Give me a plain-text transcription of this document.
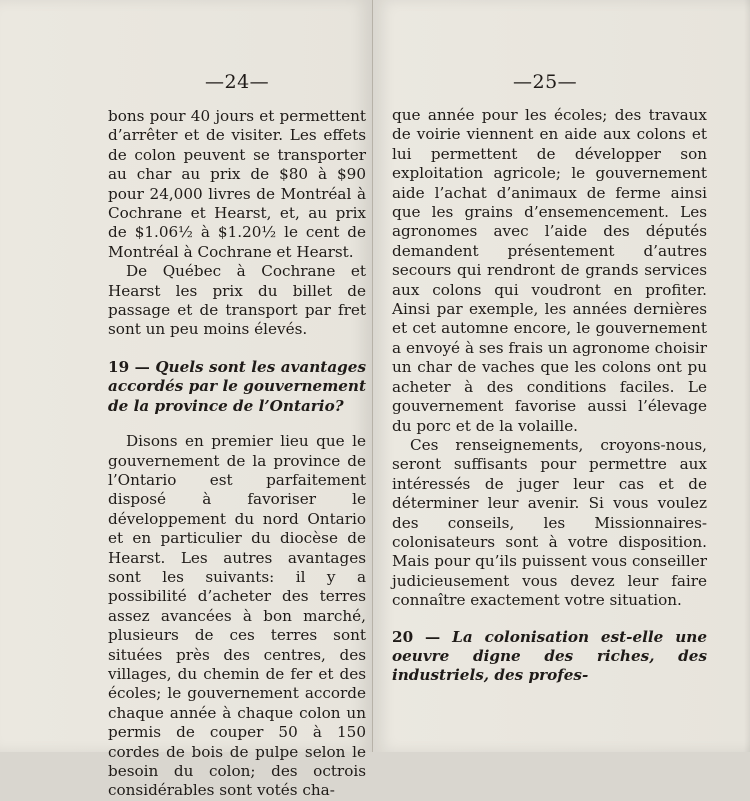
—24—

bons pour 40 jours et permettent d’arrêter et de visiter. Les effets de colon peuvent se transporter au char au prix de $80 à $90 pour 24,000 livres de Montréal à Cochrane et Hearst, et, au prix de $1.06½ à $1.20½ le cent de Montréal à Cochrane et Hearst.

De Québec à Cochrane et Hearst les prix du billet de passage et de transport par fret sont un peu moins élevés.

19 — Quels sont les avantages accordés par le gouvernement de la province de l’Ontario?

Disons en premier lieu que le gouvernement de la province de l’Ontario est parfaitement disposé à favoriser le développement du nord Ontario et en particulier du diocèse de Hearst. Les autres avantages sont les suivants: il y a possibilité d’acheter des terres assez avancées à bon marché, plusieurs de ces terres sont situées près des centres, des villages, du chemin de fer et des écoles; le gouvernement accorde chaque année à chaque colon un permis de couper 50 à 150 cordes de bois de pulpe selon le besoin du colon; des octrois considérables sont votés cha-

—25—

que année pour les écoles; des travaux de voirie viennent en aide aux colons et lui permettent de développer son exploitation agricole; le gouvernement aide l’achat d’animaux de ferme ainsi que les grains d’ensemencement. Les agronomes avec l’aide des députés demandent présentement d’autres secours qui rendront de grands services aux colons qui voudront en profiter. Ainsi par exemple, les années dernières et cet automne encore, le gouvernement a envoyé à ses frais un agronome choisir un char de vaches que les colons ont pu acheter à des conditions faciles. Le gouvernement favorise aussi l’élevage du porc et de la volaille.

Ces renseignements, croyons-nous, seront suffisants pour permettre aux intéressés de juger leur cas et de déterminer leur avenir. Si vous voulez des conseils, les Missionnaires-colonisateurs sont à votre disposition. Mais pour qu’ils puissent vous conseiller judicieusement vous devez leur faire connaître exactement votre situation.

20 — La colonisation est-elle une oeuvre digne des riches, des industriels, des profes-
